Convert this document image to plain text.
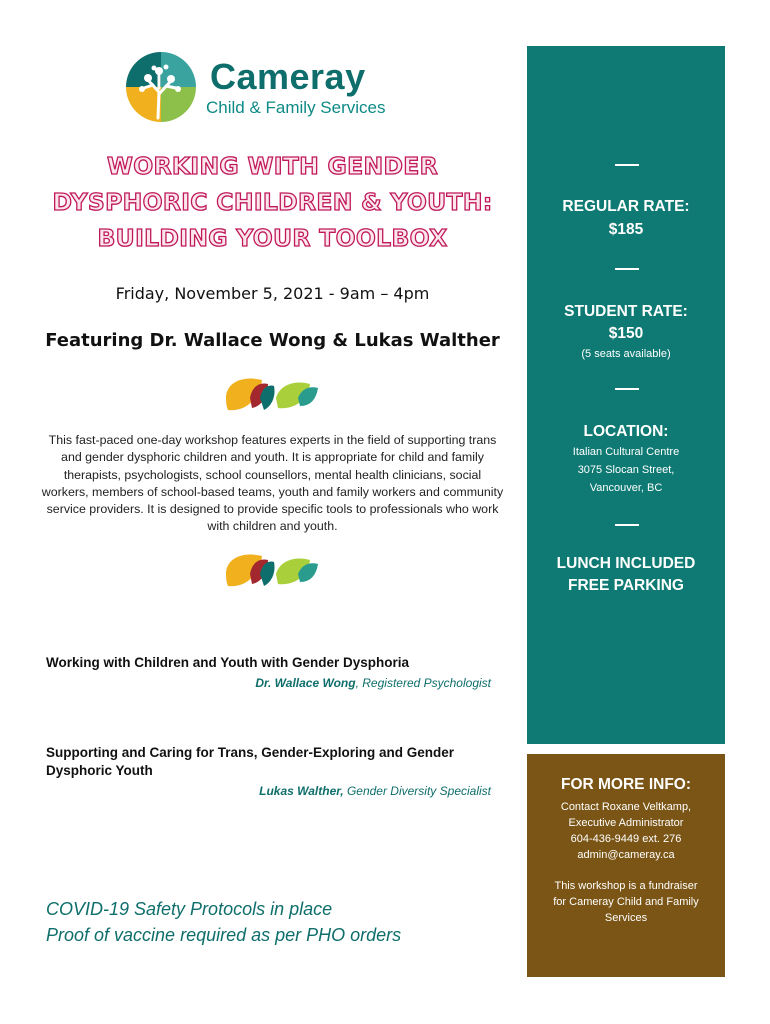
Cameray
Child & Family Services
WORKING WITH GENDER
DYSPHORIC CHILDREN & YOUTH:
BUILDING YOUR TOOLBOX
Friday, November 5, 2021 - 9am – 4pm
Featuring Dr. Wallace Wong & Lukas Walther
This fast-paced one-day workshop features experts in the field of supporting trans and gender dysphoric children and youth. It is appropriate for child and family therapists, psychologists, school counsellors, mental health clinicians, social workers, members of school-based teams, youth and family workers and community service providers. It is designed to provide specific tools to professionals who work with children and youth.
Working with Children and Youth with Gender Dysphoria
Dr. Wallace Wong, Registered Psychologist
Supporting and Caring for Trans, Gender-Exploring and Gender Dysphoric Youth
Lukas Walther, Gender Diversity Specialist
COVID-19 Safety Protocols in place
Proof of vaccine required as per PHO orders
REGULAR RATE:
$185
STUDENT RATE:
$150
(5 seats available)
LOCATION:
Italian Cultural Centre
3075 Slocan Street,
Vancouver, BC
LUNCH INCLUDED
FREE PARKING
FOR MORE INFO:
Contact Roxane Veltkamp,
Executive Administrator
604-436-9449 ext. 276
admin@cameray.ca
This workshop is a fundraiser
for Cameray Child and Family
Services
